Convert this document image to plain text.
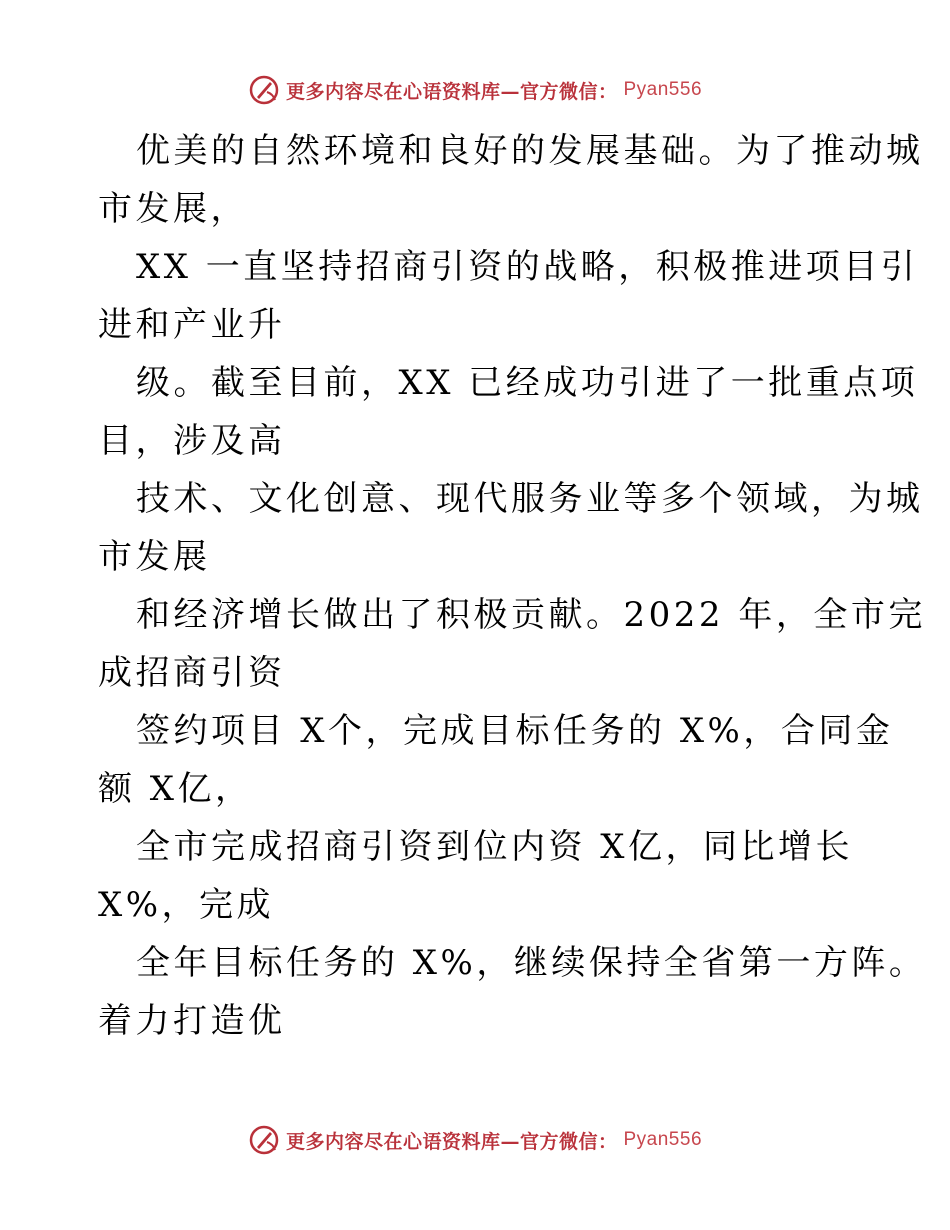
更多内容尽在心语资料库—官方微信： Pyan556
优美的自然环境和良好的发展基础。为了推动城
市发展，
XX 一直坚持招商引资的战略，积极推进项目引
进和产业升
级。截至目前，XX 已经成功引进了一批重点项
目，涉及高
技术、文化创意、现代服务业等多个领域，为城
市发展
和经济增长做出了积极贡献。2022 年，全市完
成招商引资
签约项目 X个，完成目标任务的 X%，合同金
额 X亿，
全市完成招商引资到位内资 X亿，同比增长
X%，完成
全年目标任务的 X%，继续保持全省第一方阵。
着力打造优
更多内容尽在心语资料库—官方微信： Pyan556
